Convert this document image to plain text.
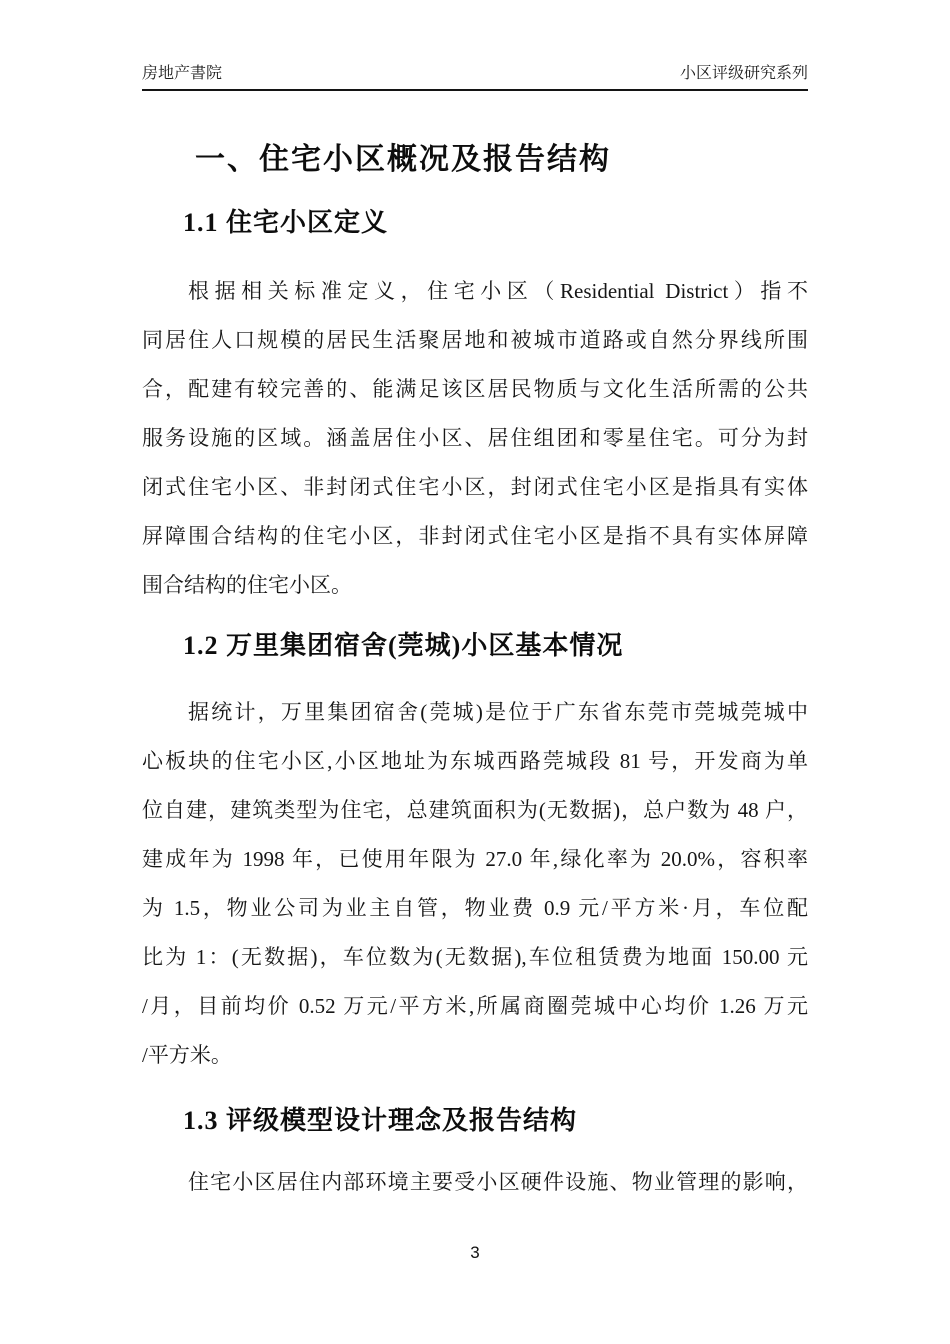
房地产書院	小区评级研究系列
一、住宅小区概况及报告结构
1.1 住宅小区定义
根据相关标准定义，住宅小区（Residential District）指不
同居住人口规模的居民生活聚居地和被城市道路或自然分界线所围
合，配建有较完善的、能满足该区居民物质与文化生活所需的公共
服务设施的区域。涵盖居住小区、居住组团和零星住宅。可分为封
闭式住宅小区、非封闭式住宅小区，封闭式住宅小区是指具有实体
屏障围合结构的住宅小区，非封闭式住宅小区是指不具有实体屏障
围合结构的住宅小区。
1.2 万里集团宿舍(莞城)小区基本情况
据统计，万里集团宿舍(莞城)是位于广东省东莞市莞城莞城中
心板块的住宅小区,小区地址为东城西路莞城段 81 号，开发商为单
位自建，建筑类型为住宅，总建筑面积为(无数据)，总户数为 48 户，
建成年为 1998 年，已使用年限为 27.0 年,绿化率为 20.0%，容积率
为 1.5，物业公司为业主自管，物业费 0.9 元/平方米·月，车位配
比为 1：(无数据)，车位数为(无数据),车位租赁费为地面 150.00 元
/月，目前均价 0.52 万元/平方米,所属商圈莞城中心均价 1.26 万元
/平方米。
1.3 评级模型设计理念及报告结构
住宅小区居住内部环境主要受小区硬件设施、物业管理的影响，
3
